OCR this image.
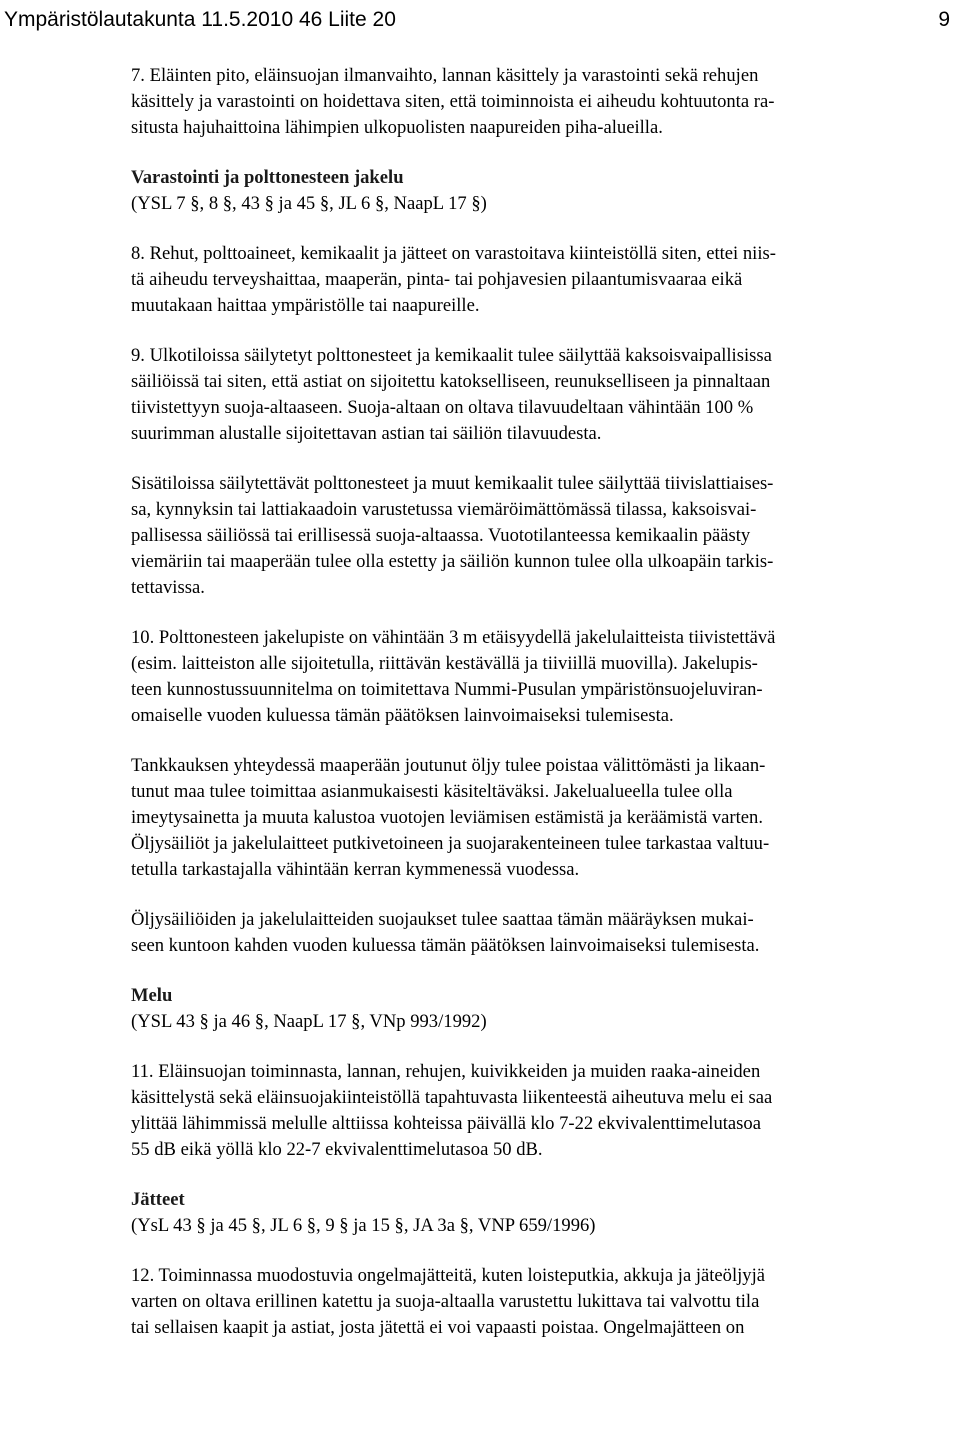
Ympäristölautakunta 11.5.2010 46 Liite 20	9

7. Eläinten pito, eläinsuojan ilmanvaihto, lannan käsittely ja varastointi sekä rehujen

käsittely ja varastointi on hoidettava siten, että toiminnoista ei aiheudu kohtuutonta ra-

situsta hajuhaittoina lähimpien ulkopuolisten naapureiden piha-alueilla.

Varastointi ja polttonesteen jakelu

(YSL 7 §, 8 §, 43 § ja 45 §, JL 6 §, NaapL 17 §)

8. Rehut, polttoaineet, kemikaalit ja jätteet on varastoitava kiinteistöllä siten, ettei niis-

tä aiheudu terveyshaittaa, maaperän, pinta- tai pohjavesien pilaantumisvaaraa eikä

muutakaan haittaa ympäristölle tai naapureille.

9. Ulkotiloissa säilytetyt polttonesteet ja kemikaalit tulee säilyttää kaksoisvaipallisissa

säiliöissä tai siten, että astiat on sijoitettu katokselliseen, reunukselliseen ja pinnaltaan

tiivistettyyn suoja-altaaseen. Suoja-altaan on oltava tilavuudeltaan vähintään 100 %

suurimman alustalle sijoitettavan astian tai säiliön tilavuudesta.

Sisätiloissa säilytettävät polttonesteet ja muut kemikaalit tulee säilyttää tiivislattiaises-

sa, kynnyksin tai lattiakaadoin varustetussa viemäröimättömässä tilassa, kaksoisvai-

pallisessa säiliössä tai erillisessä suoja-altaassa. Vuototilanteessa kemikaalin päästy

viemäriin tai maaperään tulee olla estetty ja säiliön kunnon tulee olla ulkoapäin tarkis-

tettavissa.

10. Polttonesteen jakelupiste on vähintään 3 m etäisyydellä jakelulaitteista tiivistettävä

(esim. laitteiston alle sijoitetulla, riittävän kestävällä ja tiiviillä muovilla). Jakelupis-

teen kunnostussuunnitelma on toimitettava Nummi-Pusulan ympäristönsuojeluviran-

omaiselle vuoden kuluessa tämän päätöksen lainvoimaiseksi tulemisesta.

Tankkauksen yhteydessä maaperään joutunut öljy tulee poistaa välittömästi ja likaan-

tunut maa tulee toimittaa asianmukaisesti käsiteltäväksi. Jakelualueella tulee olla

imeytysainetta ja muuta kalustoa vuotojen leviämisen estämistä ja keräämistä varten.

Öljysäiliöt ja jakelulaitteet putkivetoineen ja suojarakenteineen tulee tarkastaa valtuu-

tetulla tarkastajalla vähintään kerran kymmenessä vuodessa.

Öljysäiliöiden ja jakelulaitteiden suojaukset tulee saattaa tämän määräyksen mukai-

seen kuntoon kahden vuoden kuluessa tämän päätöksen lainvoimaiseksi tulemisesta.

Melu

(YSL 43 § ja 46 §, NaapL 17 §, VNp 993/1992)

11. Eläinsuojan toiminnasta, lannan, rehujen, kuivikkeiden ja muiden raaka-aineiden

käsittelystä sekä eläinsuojakiinteistöllä tapahtuvasta liikenteestä aiheutuva melu ei saa

ylittää lähimmissä melulle alttiissa kohteissa päivällä klo 7-22 ekvivalenttimelutasoa

55 dB eikä yöllä klo 22-7 ekvivalenttimelutasoa 50 dB.

Jätteet

(YsL 43 § ja 45 §, JL 6 §, 9 § ja 15 §, JA 3a §, VNP 659/1996)

12. Toiminnassa muodostuvia ongelmajätteitä, kuten loisteputkia, akkuja ja jäteöljyjä

varten on oltava erillinen katettu ja suoja-altaalla varustettu lukittava tai valvottu tila

tai sellaisen kaapit ja astiat, josta jätettä ei voi vapaasti poistaa. Ongelmajätteen on
